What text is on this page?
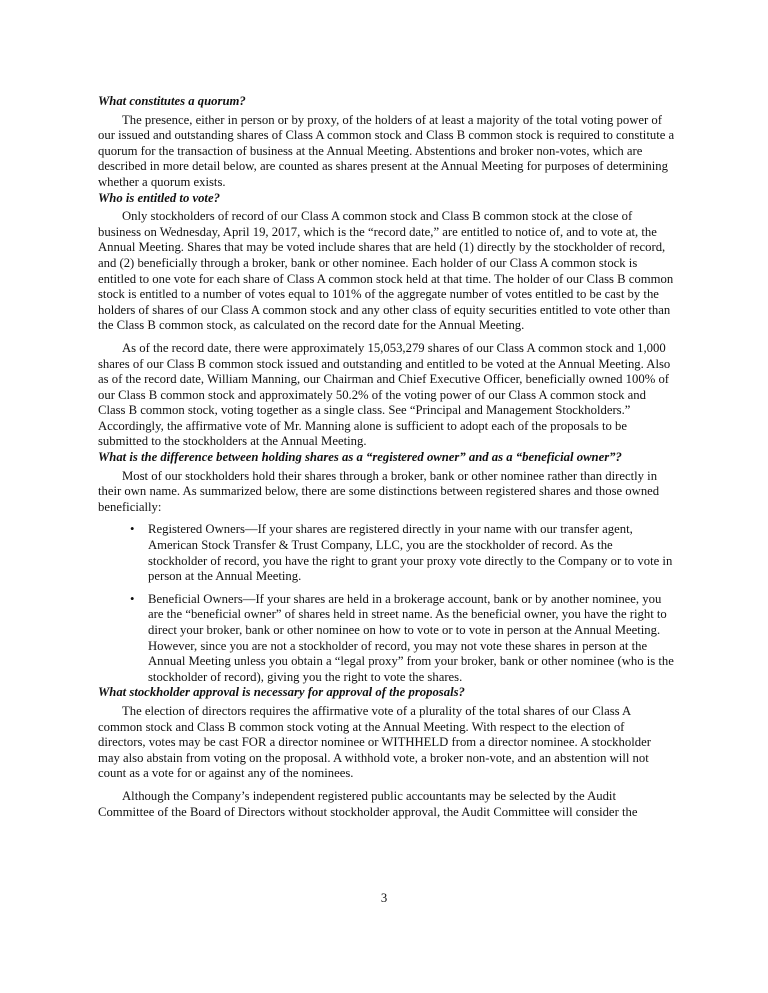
What constitutes a quorum?
The presence, either in person or by proxy, of the holders of at least a majority of the total voting power of
our issued and outstanding shares of Class A common stock and Class B common stock is required to constitute a
quorum for the transaction of business at the Annual Meeting. Abstentions and broker non-votes, which are
described in more detail below, are counted as shares present at the Annual Meeting for purposes of determining
whether a quorum exists.
Who is entitled to vote?
Only stockholders of record of our Class A common stock and Class B common stock at the close of
business on Wednesday, April 19, 2017, which is the “record date,” are entitled to notice of, and to vote at, the
Annual Meeting. Shares that may be voted include shares that are held (1) directly by the stockholder of record,
and (2) beneficially through a broker, bank or other nominee. Each holder of our Class A common stock is
entitled to one vote for each share of Class A common stock held at that time. The holder of our Class B common
stock is entitled to a number of votes equal to 101% of the aggregate number of votes entitled to be cast by the
holders of shares of our Class A common stock and any other class of equity securities entitled to vote other than
the Class B common stock, as calculated on the record date for the Annual Meeting.
As of the record date, there were approximately 15,053,279 shares of our Class A common stock and 1,000
shares of our Class B common stock issued and outstanding and entitled to be voted at the Annual Meeting. Also
as of the record date, William Manning, our Chairman and Chief Executive Officer, beneficially owned 100% of
our Class B common stock and approximately 50.2% of the voting power of our Class A common stock and
Class B common stock, voting together as a single class. See “Principal and Management Stockholders.”
Accordingly, the affirmative vote of Mr. Manning alone is sufficient to adopt each of the proposals to be
submitted to the stockholders at the Annual Meeting.
What is the difference between holding shares as a “registered owner” and as a “beneficial owner”?
Most of our stockholders hold their shares through a broker, bank or other nominee rather than directly in
their own name. As summarized below, there are some distinctions between registered shares and those owned
beneficially:
• Registered Owners—If your shares are registered directly in your name with our transfer agent,
American Stock Transfer & Trust Company, LLC, you are the stockholder of record. As the
stockholder of record, you have the right to grant your proxy vote directly to the Company or to vote in
person at the Annual Meeting.
• Beneficial Owners—If your shares are held in a brokerage account, bank or by another nominee, you
are the “beneficial owner” of shares held in street name. As the beneficial owner, you have the right to
direct your broker, bank or other nominee on how to vote or to vote in person at the Annual Meeting.
However, since you are not a stockholder of record, you may not vote these shares in person at the
Annual Meeting unless you obtain a “legal proxy” from your broker, bank or other nominee (who is the
stockholder of record), giving you the right to vote the shares.
What stockholder approval is necessary for approval of the proposals?
The election of directors requires the affirmative vote of a plurality of the total shares of our Class A
common stock and Class B common stock voting at the Annual Meeting. With respect to the election of
directors, votes may be cast FOR a director nominee or WITHHELD from a director nominee. A stockholder
may also abstain from voting on the proposal. A withhold vote, a broker non-vote, and an abstention will not
count as a vote for or against any of the nominees.
Although the Company’s independent registered public accountants may be selected by the Audit
Committee of the Board of Directors without stockholder approval, the Audit Committee will consider the
3
